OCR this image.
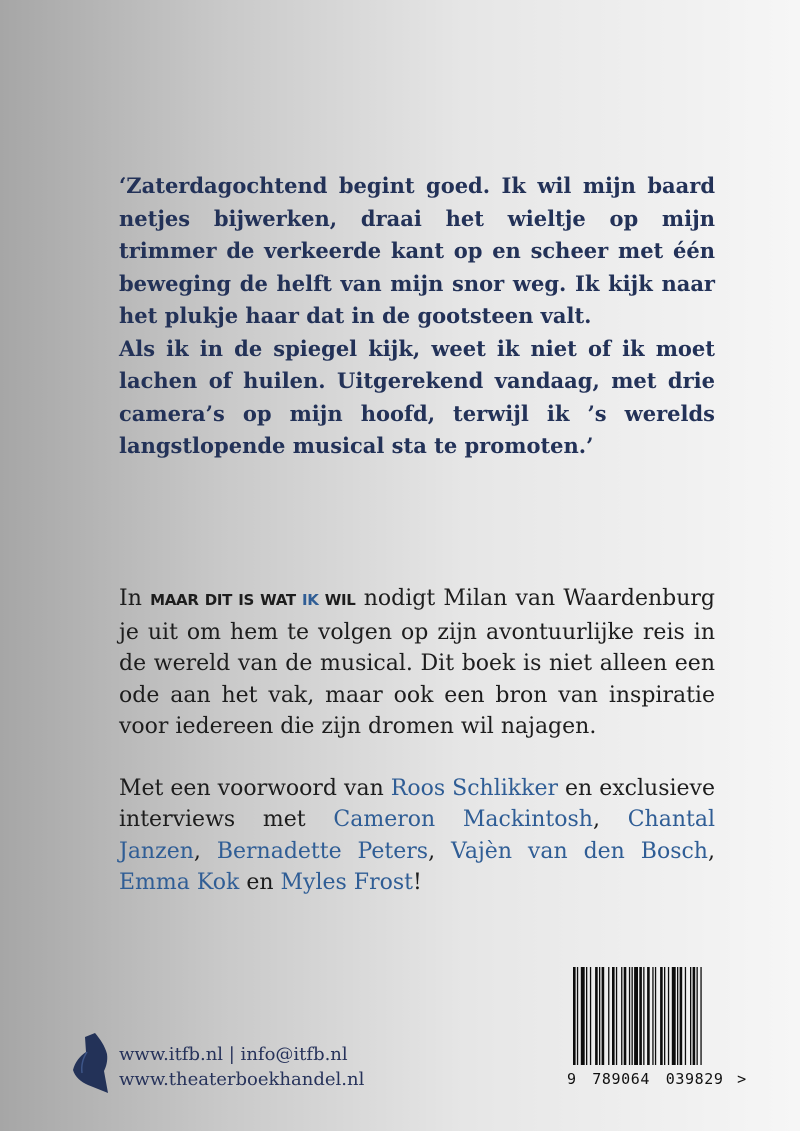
‘Zaterdagochtend begint goed. Ik wil mijn baard netjes bijwerken, draai het wieltje op mijn trimmer de verkeerde kant op en scheer met één beweging de helft van mijn snor weg. Ik kijk naar het plukje haar dat in de gootsteen valt.

Als ik in de spiegel kijk, weet ik niet of ik moet lachen of huilen. Uitgerekend vandaag, met drie camera’s op mijn hoofd, terwijl ik ’s werelds langstlopende musical sta te promoten.’

In MAAR DIT IS WAT IK WIL nodigt Milan van Waardenburg je uit om hem te volgen op zijn avontuurlijke reis in de wereld van de musical. Dit boek is niet alleen een ode aan het vak, maar ook een bron van inspiratie voor iedereen die zijn dromen wil najagen.

Met een voorwoord van Roos Schlikker en exclusieve interviews met Cameron Mackintosh, Chantal Janzen, Bernadette Peters, Vajèn van den Bosch, Emma Kok en Myles Frost!

www.itfb.nl | info@itfb.nl
www.theaterboekhandel.nl	9 789064 039829 >
